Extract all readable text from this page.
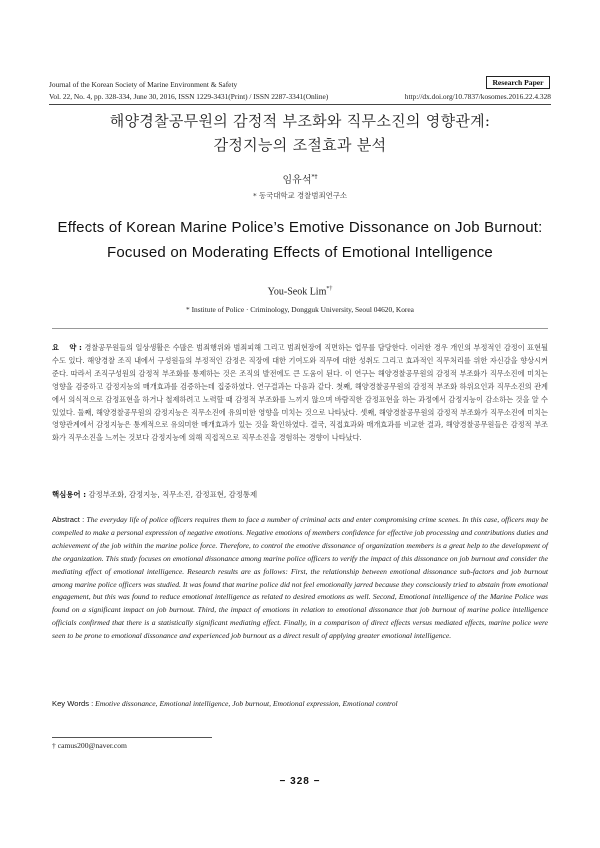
Journal of the Korean Society of Marine Environment & Safety	Research Paper
Vol. 22, No. 4, pp. 328-334, June 30, 2016, ISSN 1229-3431(Print) / ISSN 2287-3341(Online)	http://dx.doi.org/10.7837/kosomes.2016.22.4.328
해양경찰공무원의 감정적 부조화와 직무소진의 영향관계:
감정지능의 조절효과 분석
임유석*†
* 동국대학교 경찰범죄연구소
Effects of Korean Marine Police’s Emotive Dissonance on Job Burnout:
Focused on Moderating Effects of Emotional Intelligence
You-Seok Lim*†
* Institute of Police · Criminology, Dongguk University, Seoul 04620, Korea
요　 약 : 경찰공무원들의 일상생활은 수많은 범죄행위와 범죄피해 그리고 범죄현장에 직면하는 업무를 담당한다. 이러한 경우 개인의 부정적인 감정이 표현될 수도 있다. 해양경찰 조직 내에서 구성원들의 부정적인 감정은 직장에 대한 기여도와 직무에 대한 성취도 그리고 효과적인 직무처리를 위한 자신감을 향상시켜 준다. 따라서 조직구성원의 감정적 부조화를 통제하는 것은 조직의 발전에도 큰 도움이 된다. 이 연구는 해양경찰공무원의 감정적 부조화가 직무소진에 미치는 영향을 검증하고 감정지능의 매개효과를 검증하는데 집중하였다. 연구결과는 다음과 같다. 첫째, 해양경찰공무원의 감정적 부조화 하위요인과 직무소진의 관계에서 의식적으로 감정표현을 하거나 철제하려고 노력할 때 감정적 부조화를 느끼지 않으며 바람직한 감정표현을 하는 과정에서 감정지능이 감소하는 것을 알 수 있었다. 둘째, 해양경찰공무원의 감정지능은 직무소진에 유의미한 영향을 미치는 것으로 나타났다. 셋째, 해양경찰공무원의 감정적 부조화가 직무소진에 미치는 영향관계에서 감정지능은 통계적으로 유의미한 매개효과가 있는 것을 확인하였다. 결국, 직접효과와 매개효과를 비교한 결과, 해양경찰공무원들은 감정적 부조화가 직무소진을 느끼는 것보다 감정지능에 의해 직접적으로 직무소진을 경험하는 경향이 나타났다.
핵심용어 : 감정부조화, 감정지능, 직무소진, 감정표현, 감정통제
Abstract : The everyday life of police officers requires them to face a number of criminal acts and enter compromising crime scenes. In this case, officers may be compelled to make a personal expression of negative emotions. Negative emotions of members confidence for effective job processing and contributions duties and achievement of the job within the marine police force. Therefore, to control the emotive dissonance of organization members is a great help to the development of the organization. This study focuses on emotional dissonance among marine police officers to verify the impact of this dissonance on job burnout and consider the mediating effect of emotional intelligence. Research results are as follows: First, the relationship between emotional dissonance sub-factors and job burnout among marine police officers was studied. It was found that marine police did not feel emotionally jarred because they consciously tried to abstain from emotional engagement, but this was found to reduce emotional intelligence as related to desired emotions as well. Second, Emotional intelligence of the Marine Police was found on a significant impact on job burnout. Third, the impact of emotions in relation to emotional dissonance that job burnout of marine police intelligence officials confirmed that there is a statistically significant mediating effect. Finally, in a comparison of direct effects versus mediated effects, marine police were seen to be prone to emotional dissonance and experienced job burnout as a direct result of applying greater emotional intelligence.
Key Words : Emotive dissonance, Emotional intelligence, Job burnout, Emotional expression, Emotional control
† camus200@naver.com
− 328 −
